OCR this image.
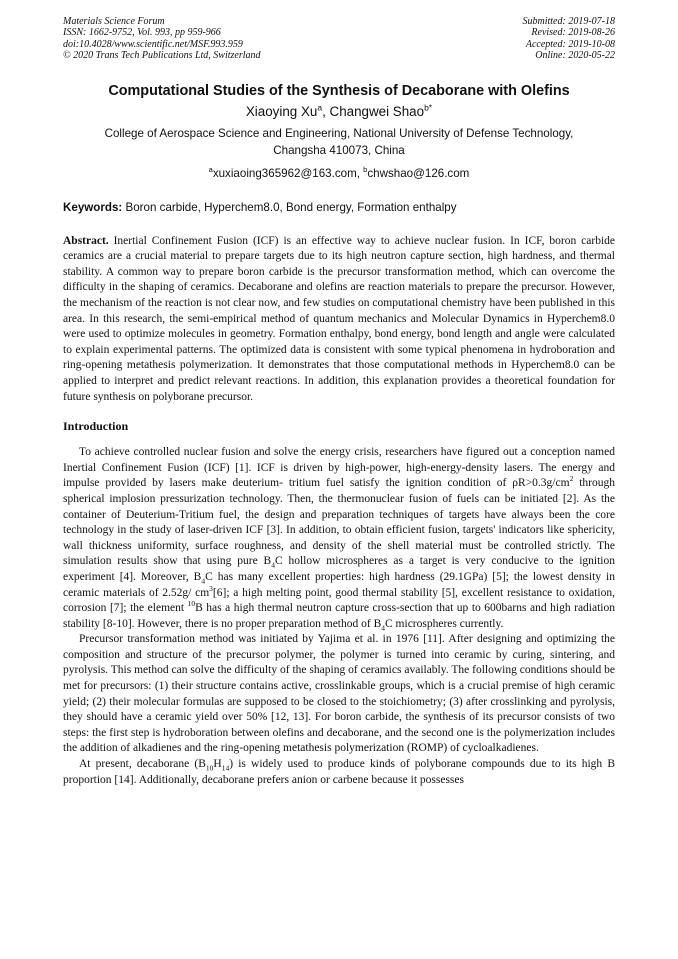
Materials Science Forum
ISSN: 1662-9752, Vol. 993, pp 959-966
doi:10.4028/www.scientific.net/MSF.993.959
© 2020 Trans Tech Publications Ltd, Switzerland
Submitted: 2019-07-18
Revised: 2019-08-26
Accepted: 2019-10-08
Online: 2020-05-22
Computational Studies of the Synthesis of Decaborane with Olefins
Xiaoying Xu$^a$, Changwei Shao$^{b*}$
College of Aerospace Science and Engineering, National University of Defense Technology,
Changsha 410073, China
$^a$xuxiaoing365962@163.com, $^b$chwshao@126.com
Keywords: Boron carbide, Hyperchem8.0, Bond energy, Formation enthalpy
Abstract. Inertial Confinement Fusion (ICF) is an effective way to achieve nuclear fusion. In ICF, boron carbide ceramics are a crucial material to prepare targets due to its high neutron capture section, high hardness, and thermal stability. A common way to prepare boron carbide is the precursor transformation method, which can overcome the difficulty in the shaping of ceramics. Decaborane and olefins are reaction materials to prepare the precursor. However, the mechanism of the reaction is not clear now, and few studies on computational chemistry have been published in this area. In this research, the semi-empirical method of quantum mechanics and Molecular Dynamics in Hyperchem8.0 were used to optimize molecules in geometry. Formation enthalpy, bond energy, bond length and angle were calculated to explain experimental patterns. The optimized data is consistent with some typical phenomena in hydroboration and ring-opening metathesis polymerization. It demonstrates that those computational methods in Hyperchem8.0 can be applied to interpret and predict relevant reactions. In addition, this explanation provides a theoretical foundation for future synthesis on polyborane precursor.
Introduction

To achieve controlled nuclear fusion and solve the energy crisis, researchers have figured out a conception named Inertial Confinement Fusion (ICF) [1]. ICF is driven by high-power, high-energy-density lasers. The energy and impulse provided by lasers make deuterium- tritium fuel satisfy the ignition condition of $\rho R>0.3g/cm^2$ through spherical implosion pressurization technology. Then, the thermonuclear fusion of fuels can be initiated [2]. As the container of Deuterium-Tritium fuel, the design and preparation techniques of targets have always been the core technology in the study of laser-driven ICF [3]. In addition, to obtain efficient fusion, targets' indicators like sphericity, wall thickness uniformity, surface roughness, and density of the shell material must be controlled strictly. The simulation results show that using pure $B_4C$ hollow microspheres as a target is very conducive to the ignition experiment [4]. Moreover, $B_4C$ has many excellent properties: high hardness (29.1GPa) [5]; the lowest density in ceramic materials of 2.52g/ $cm^3[6]$; a high melting point, good thermal stability [5], excellent resistance to oxidation, corrosion [7]; the element $^{10}$B has a high thermal neutron capture cross-section that up to 600barns and high radiation stability [8-10]. However, there is no proper preparation method of $B_4C$ microspheres currently.

Precursor transformation method was initiated by Yajima et al. in 1976 [11]. After designing and optimizing the composition and structure of the precursor polymer, the polymer is turned into ceramic by curing, sintering, and pyrolysis. This method can solve the difficulty of the shaping of ceramics availably. The following conditions should be met for precursors: (1) their structure contains active, crosslinkable groups, which is a crucial premise of high ceramic yield; (2) their molecular formulas are supposed to be closed to the stoichiometry; (3) after crosslinking and pyrolysis, they should have a ceramic yield over 50% [12, 13]. For boron carbide, the synthesis of its precursor consists of two steps: the first step is hydroboration between olefins and decaborane, and the second one is the polymerization includes the addition of alkadienes and the ring-opening metathesis polymerization (ROMP) of cycloalkadienes.

At present, decaborane $(B_{10}H_{14})$ is widely used to produce kinds of polyborane compounds due to its high B proportion [14]. Additionally, decaborane prefers anion or carbene because it possesses
